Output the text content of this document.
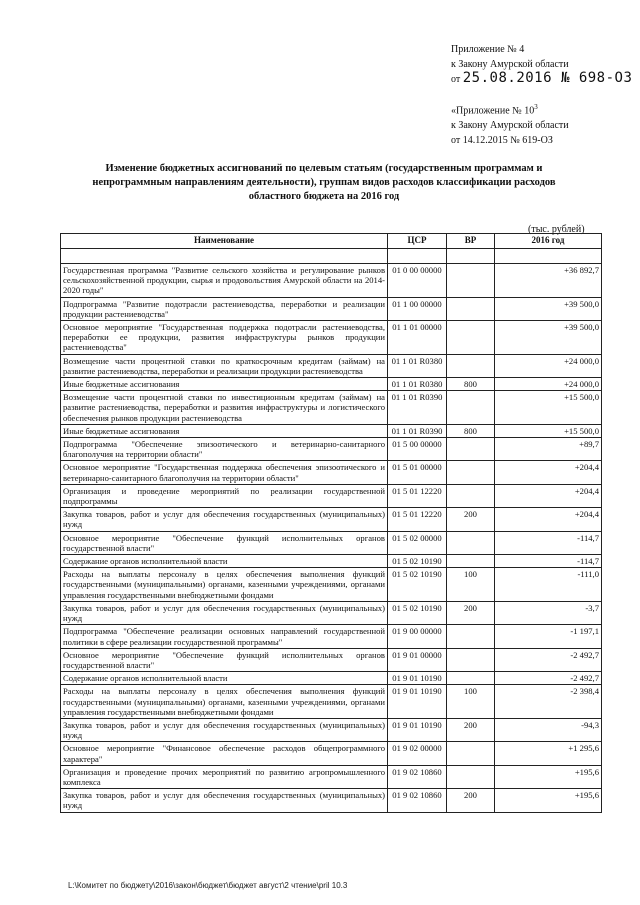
Приложение № 4
к Закону Амурской области
от 25.08.2016 № 698-ОЗ
«Приложение № $10^3$
к Закону Амурской области
от 14.12.2015 № 619-ОЗ
Изменение бюджетных ассигнований по целевым статьям (государственным программам и непрограммным направлениям деятельности), группам видов расходов классификации расходов областного бюджета на 2016 год
(тыс. рублей)
Наименование	ЦСР	ВР	2016 год

Государственная программа "Развитие сельского хозяйства и регулирование рынков сельскохозяйственной продукции, сырья и продовольствия Амурской области на 2014-2020 годы"	01 0 00 00000		+36 892,7
Подпрограмма "Развитие подотрасли растениеводства, переработки и реализации продукции растениеводства"	01 1 00 00000		+39 500,0
Основное мероприятие "Государственная поддержка подотрасли растениеводства, переработки ее продукции, развития инфраструктуры рынков продукции растениеводства"	01 1 01 00000		+39 500,0
Возмещение части процентной ставки по краткосрочным кредитам (займам) на развитие растениеводства, переработки и реализации продукции растениеводства	01 1 01 R0380		+24 000,0
Иные бюджетные ассигнования	01 1 01 R0380	800	+24 000,0
Возмещение части процентной ставки по инвестиционным кредитам (займам) на развитие растениеводства, переработки и развития инфраструктуры и логистического обеспечения рынков продукции растениеводства	01 1 01 R0390		+15 500,0
Иные бюджетные ассигнования	01 1 01 R0390	800	+15 500,0
Подпрограмма "Обеспечение эпизоотического и ветеринарно-санитарного благополучия на территории области"	01 5 00 00000		+89,7
Основное мероприятие "Государственная поддержка обеспечения эпизоотического и ветеринарно-санитарного благополучия на территории области"	01 5 01 00000		+204,4
Организация и проведение мероприятий по реализации государственной подпрограммы	01 5 01 12220		+204,4
Закупка товаров, работ и услуг для обеспечения государственных (муниципальных) нужд	01 5 01 12220	200	+204,4
Основное мероприятие "Обеспечение функций исполнительных органов государственной власти"	01 5 02 00000		-114,7
Содержание органов исполнительной власти	01 5 02 10190		-114,7
Расходы на выплаты персоналу в целях обеспечения выполнения функций государственными (муниципальными) органами, казенными учреждениями, органами управления государственными внебюджетными фондами	01 5 02 10190	100	-111,0
Закупка товаров, работ и услуг для обеспечения государственных (муниципальных) нужд	01 5 02 10190	200	-3,7
Подпрограмма "Обеспечение реализации основных направлений государственной политики в сфере реализации государственной программы"	01 9 00 00000		-1 197,1
Основное мероприятие "Обеспечение функций исполнительных органов государственной власти"	01 9 01 00000		-2 492,7
Содержание органов исполнительной власти	01 9 01 10190		-2 492,7
Расходы на выплаты персоналу в целях обеспечения выполнения функций государственными (муниципальными) органами, казенными учреждениями, органами управления государственными внебюджетными фондами	01 9 01 10190	100	-2 398,4
Закупка товаров, работ и услуг для обеспечения государственных (муниципальных) нужд	01 9 01 10190	200	-94,3
Основное мероприятие "Финансовое обеспечение расходов общепрограммного характера"	01 9 02 00000		+1 295,6
Организация и проведение прочих мероприятий по развитию агропромышленного комплекса	01 9 02 10860		+195,6
Закупка товаров, работ и услуг для обеспечения государственных (муниципальных) нужд	01 9 02 10860	200	+195,6
L:\Комитет по бюджету\2016\закон\бюджет\бюджет август\2 чтение\pril 10.3
